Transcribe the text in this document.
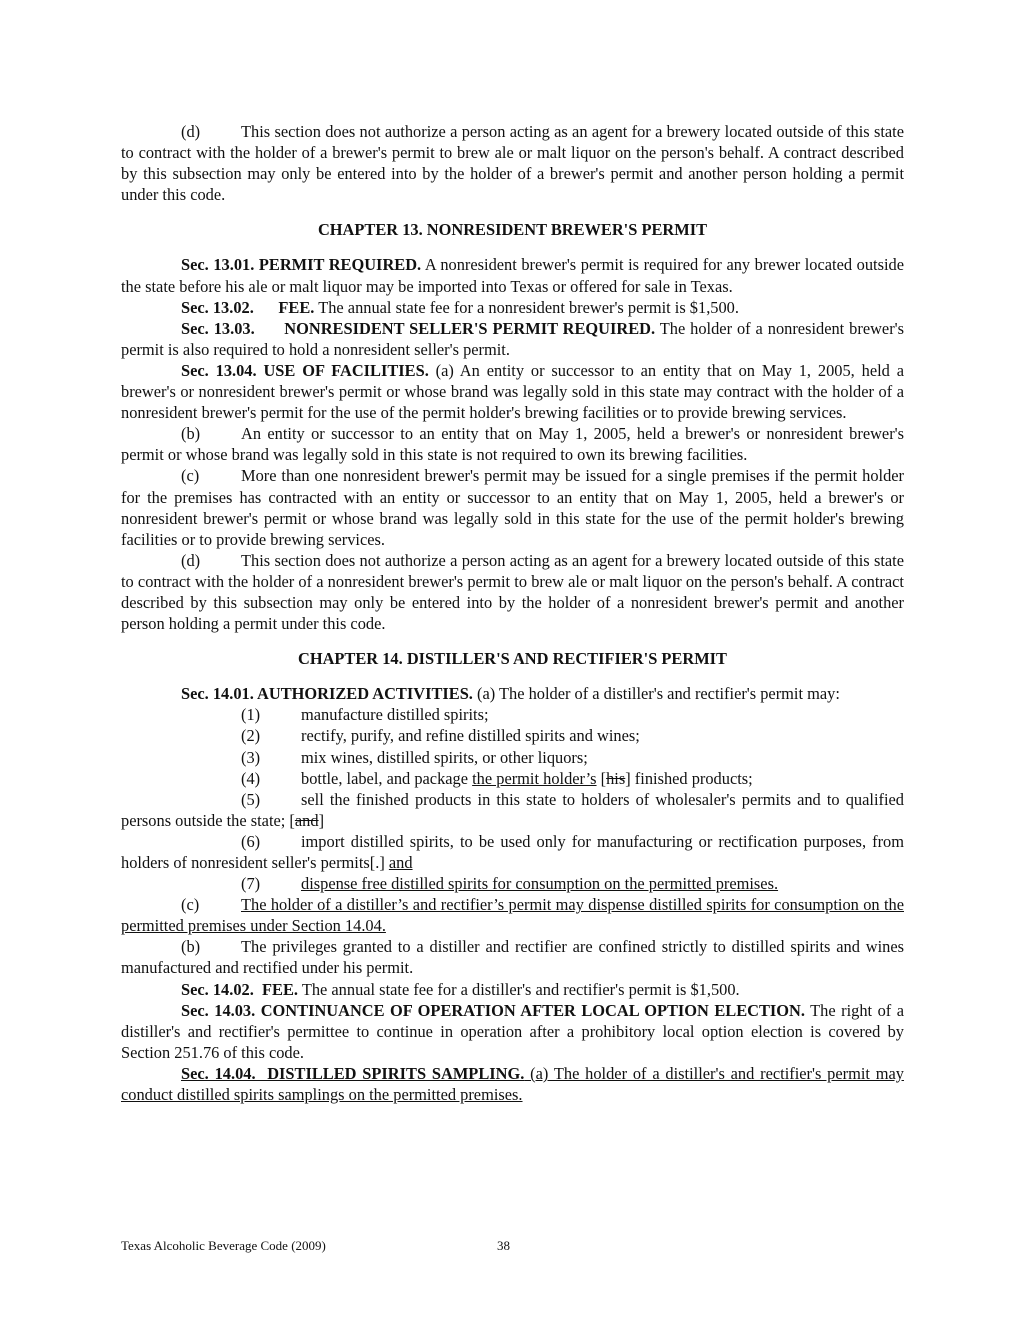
(d) This section does not authorize a person acting as an agent for a brewery located outside of this state to contract with the holder of a brewer's permit to brew ale or malt liquor on the person's behalf. A contract described by this subsection may only be entered into by the holder of a brewer's permit and another person holding a permit under this code.

CHAPTER 13. NONRESIDENT BREWER'S PERMIT

Sec. 13.01. PERMIT REQUIRED. A nonresident brewer's permit is required for any brewer located outside the state before his ale or malt liquor may be imported into Texas or offered for sale in Texas.

Sec. 13.02.      FEE. The annual state fee for a nonresident brewer's permit is $1,500.

Sec. 13.03.      NONRESIDENT SELLER'S PERMIT REQUIRED. The holder of a nonresident brewer's permit is also required to hold a nonresident seller's permit.

Sec. 13.04. USE OF FACILITIES. (a) An entity or successor to an entity that on May 1, 2005, held a brewer's or nonresident brewer's permit or whose brand was legally sold in this state may contract with the holder of a nonresident brewer's permit for the use of the permit holder's brewing facilities or to provide brewing services.

(b) An entity or successor to an entity that on May 1, 2005, held a brewer's or nonresident brewer's permit or whose brand was legally sold in this state is not required to own its brewing facilities.

(c)	More than one nonresident brewer's permit may be issued for a single premises if the permit holder for the premises has contracted with an entity or successor to an entity that on May 1, 2005, held a brewer's or nonresident brewer's permit or whose brand was legally sold in this state for the use of the permit holder's brewing facilities or to provide brewing services.

(d) This section does not authorize a person acting as an agent for a brewery located outside of this state to contract with the holder of a nonresident brewer's permit to brew ale or malt liquor on the person's behalf. A contract described by this subsection may only be entered into by the holder of a nonresident brewer's permit and another person holding a permit under this code.

CHAPTER 14. DISTILLER'S AND RECTIFIER'S PERMIT

Sec. 14.01. AUTHORIZED ACTIVITIES. (a) The holder of a distiller's and rectifier's permit may:

(1) manufacture distilled spirits;

(2) rectify, purify, and refine distilled spirits and wines;

(3) mix wines, distilled spirits, or other liquors;

(4) bottle, label, and package the permit holder’s [his] finished products;

(5) sell the finished products in this state to holders of wholesaler's permits and to qualified persons outside the state; [and]

(6) import distilled spirits, to be used only for manufacturing or rectification purposes, from holders of nonresident seller's permits[.] and

(7) dispense free distilled spirits for consumption on the permitted premises.

(c)	The holder of a distiller’s and rectifier’s permit may dispense distilled spirits for consumption on the permitted premises under Section 14.04.

(b) The privileges granted to a distiller and rectifier are confined strictly to distilled spirits and wines manufactured and rectified under his permit.

Sec. 14.02.  FEE. The annual state fee for a distiller's and rectifier's permit is $1,500.

Sec. 14.03. CONTINUANCE OF OPERATION AFTER LOCAL OPTION ELECTION. The right of a distiller's and rectifier's permittee to continue in operation after a prohibitory local option election is covered by Section 251.76 of this code.

Sec. 14.04.  DISTILLED SPIRITS SAMPLING. (a) The holder of a distiller's and rectifier's permit may conduct distilled spirits samplings on the permitted premises.

Texas Alcoholic Beverage Code (2009)	38
